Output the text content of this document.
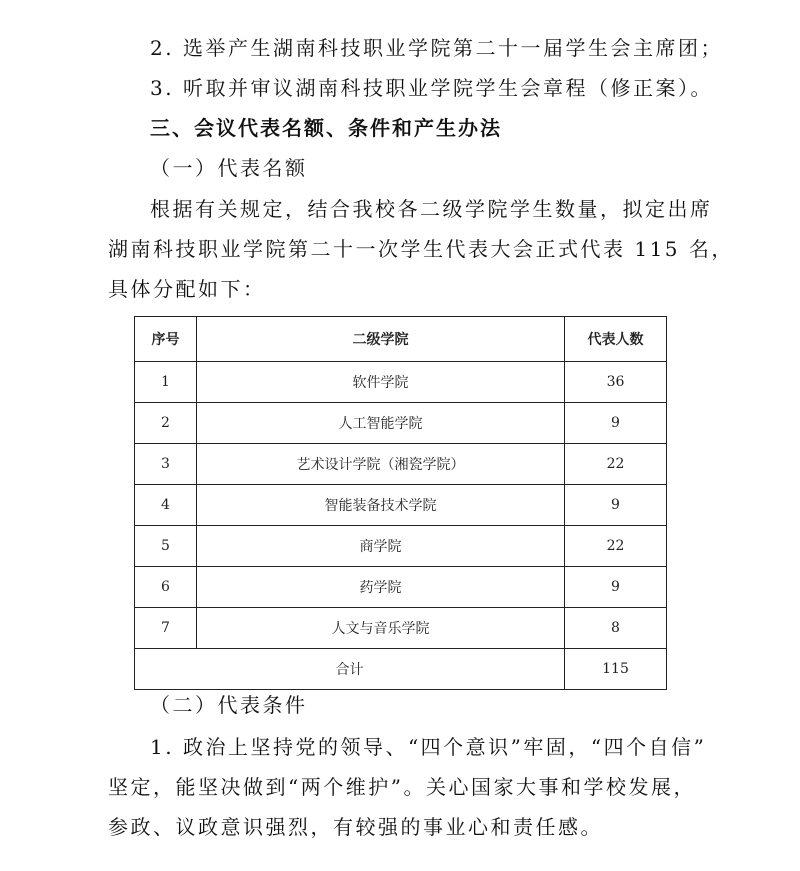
2. 选举产生湖南科技职业学院第二十一届学生会主席团；
3. 听取并审议湖南科技职业学院学生会章程（修正案）。
三、会议代表名额、条件和产生办法
（一）代表名额
根据有关规定，结合我校各二级学院学生数量，拟定出席
湖南科技职业学院第二十一次学生代表大会正式代表 115 名，
具体分配如下：
序号	二级学院	代表人数
1	软件学院	36
2	人工智能学院	9
3	艺术设计学院（湘瓷学院）	22
4	智能装备技术学院	9
5	商学院	22
6	药学院	9
7	人文与音乐学院	8
合计		115
（二）代表条件
1. 政治上坚持党的领导、“四个意识”牢固，“四个自信”
坚定，能坚决做到“两个维护”。关心国家大事和学校发展，
参政、议政意识强烈，有较强的事业心和责任感。
